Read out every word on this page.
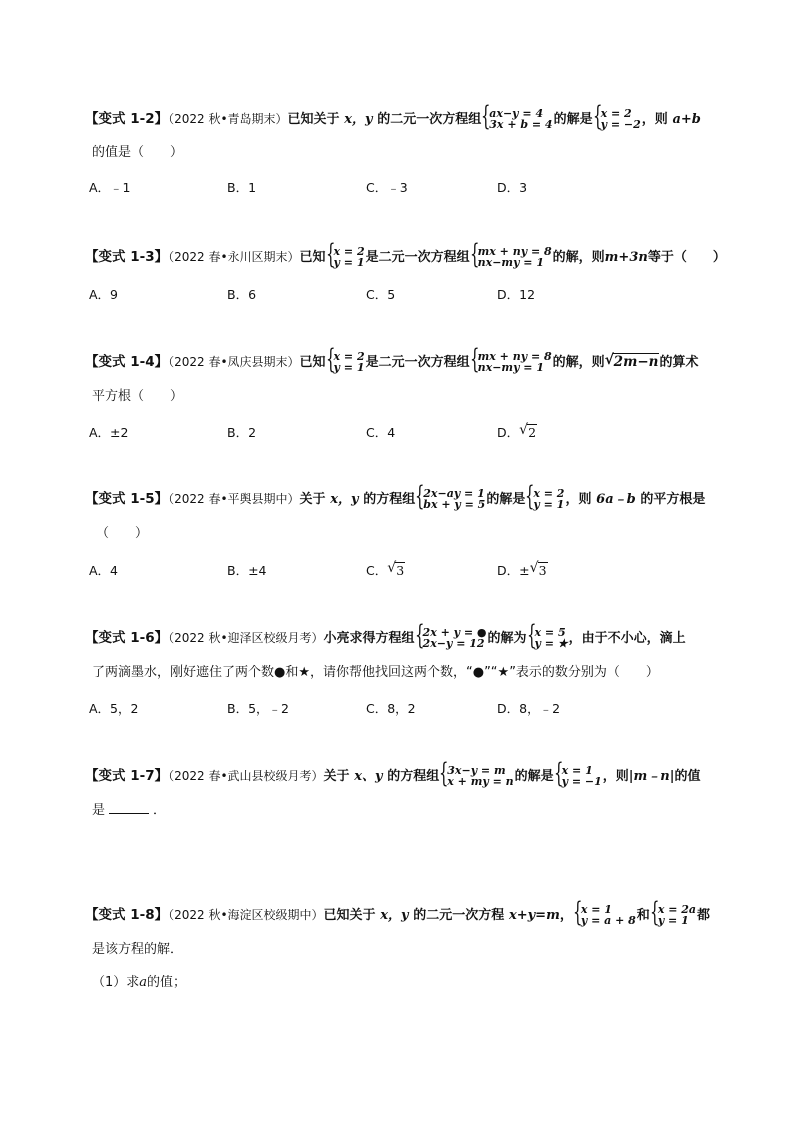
【变式 1-2】（2022 秋•青岛期末）已知关于 x，y 的二元一次方程组 { ax−y = 4
3x + b = 4 的解是 { x = 2
y = −2 ，则 a+b
的值是（　　）
A．﹣1	B．1	C．﹣3	D．3
【变式 1-3】（2022 春•永川区期末）已知 { x = 2
y = 1 是二元一次方程组 { mx + ny = 8
nx−my = 1 的解，则m+3n等于（　　）
A．9	B．6	C．5	D．12
【变式 1-4】（2022 春•凤庆县期末）已知 { x = 2
y = 1 是二元一次方程组 { mx + ny = 8
nx−my = 1 的解，则 √ 2m−n的算术
平方根（　　）
A．±2	B．2	C．4	D． √ 2
【变式 1-5】（2022 春•平舆县期中）关于 x，y 的方程组 { 2x−ay = 1
bx + y = 5 的解是 { x = 2
y = 1 ，则 6a﹣b 的平方根是
（　　）
A．4	B．±4	C． √ 3	D．± √ 3
【变式 1-6】（2022 秋•迎泽区校级月考）小亮求得方程组 { 2x + y = ●
2x−y = 12 的解为 { x = 5
y = ★ ，由于不小心，滴上
了两滴墨水，刚好遮住了两个数●和★，请你帮他找回这两个数，“●”“★”表示的数分别为（　　）
A．5，2	B．5，﹣2	C．8，2	D．8，﹣2
【变式 1-7】（2022 春•武山县校级月考）关于 x、y 的方程组 { 3x−y = m
x + my = n 的解是 { x = 1
y = −1 ，则|m﹣n|的值
是	．
【变式 1-8】（2022 秋•海淀区校级期中）已知关于 x，y 的二元一次方程 x+y=m， { x = 1
y = a + 8 和 { x = 2a
y = 1 都
是该方程的解．
（1）求a的值；
